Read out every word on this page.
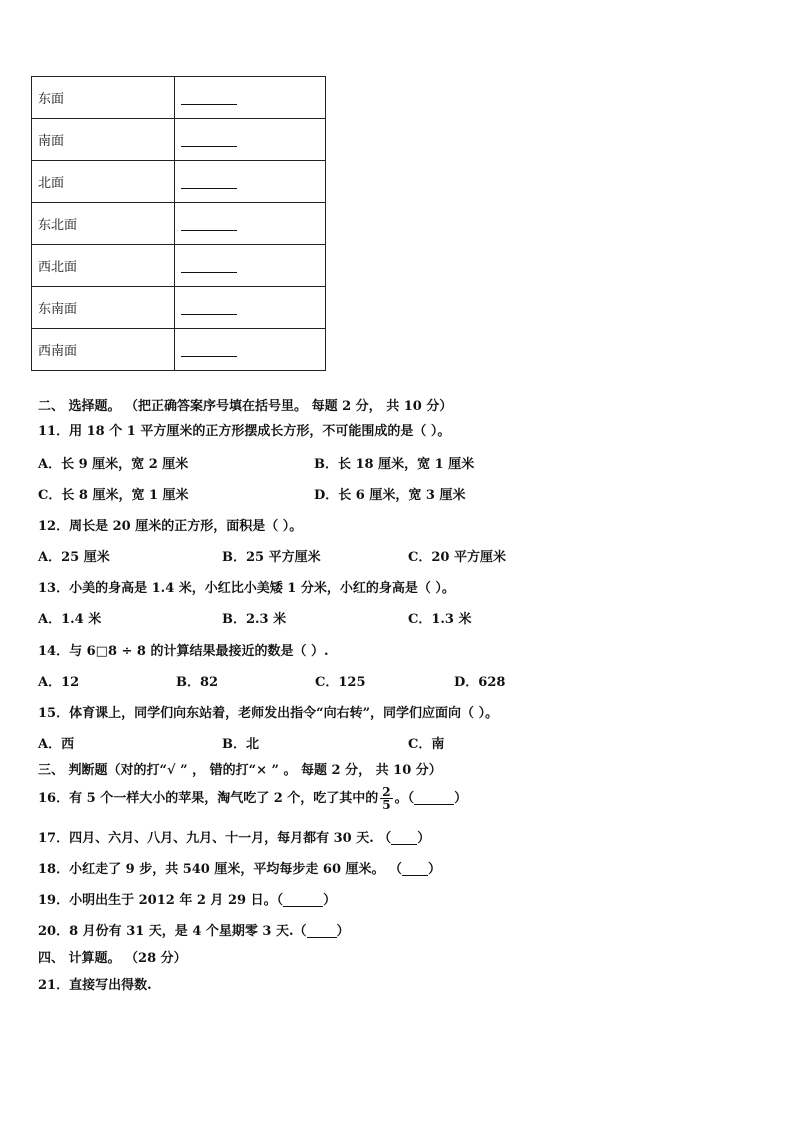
东面	
南面	
北面	
东北面	
西北面	
东南面	
西南面	
二、 选择题。 （把正确答案序号填在括号里。 每题 2 分， 共 10 分）
11．用 18 个 1 平方厘米的正方形摆成长方形，不可能围成的是（ ）。
A．长 9 厘米，宽 2 厘米	B．长 18 厘米，宽 1 厘米
C．长 8 厘米，宽 1 厘米	D．长 6 厘米，宽 3 厘米
12．周长是 20 厘米的正方形，面积是（ ）。
A．25 厘米	B．25 平方厘米	C．20 平方厘米
13．小美的身高是 1.4 米，小红比小美矮 1 分米，小红的身高是（ ）。
A．1.4 米	B．2.3 米	C．1.3 米
14．与 6□8 ÷ 8 的计算结果最接近的数是（ ）.
A．12	B．82	C．125	D．628
15．体育课上，同学们向东站着，老师发出指令“向右转”，同学们应面向（ ）。
A．西	B．北	C．南
三、 判断题（对的打“√ ” ， 错的打“× ” 。 每题 2 分， 共 10 分）
16．有 5 个一样大小的苹果，淘气吃了 2 个，吃了其中的 $\frac{2}{5}$ 。（	）
17．四月、六月、八月、九月、十一月，每月都有 30 天. （ ）
18．小红走了 9 步，共 540 厘米，平均每步走 60 厘米。 （ ）
19．小明出生于 2012 年 2 月 29 日。（	）
20．8 月份有 31 天，是 4 个星期零 3 天.（ ）
四、 计算题。 （28 分）
21．直接写出得数.
